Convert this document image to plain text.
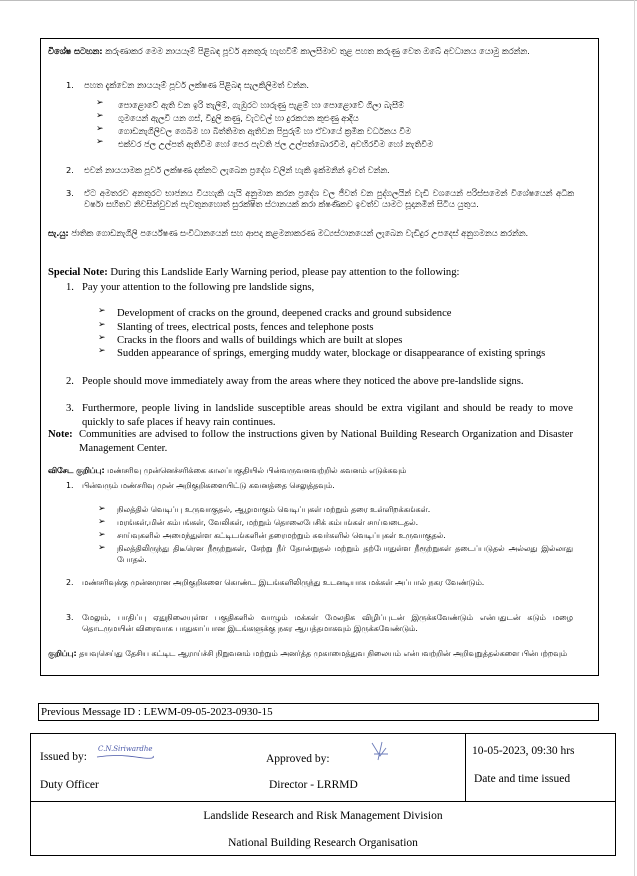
විශේෂ සටහන: කරුණාකර මෙම නායයෑම් පිළිබඳ පූර්ව අනතුරු හැඟවීම් කාලසීමාව තුළ පහත කරුණු වෙත ඔබේ අවධානය යොමු කරන්න.
1. පහත දැක්වෙන නායයෑම් පූර්ව ලක්ෂණ පිළිබඳ සැලකිලිමත් වන්න.
➢ පොළොවේ ඇති වන ඉරි තැලීම්, ගැඹුරට හාරුණු පැළම් හා පොළොවේ ගිලා බැසීම්
➢ ගුමයෙන් ඇලවී යන ගස්, විදුලි කණු, වැටවල් හා දුරකථන කුළුණු ආදිය
➢ ගොඩනැගිලිවල ගෙබිම හා බිත්තිමත ඇතිවන පිපුරුම් හා ඒවායේ ක්‍රමික වර්ධනය වීම
➢ එක්වර ජල උල්පත් ඇතිවීම හෝ පෙර පැවති ජල උල්පත්බොරවීම, අවහිරවීම හෝ නැතිවීම
2. එවන් නායයාමක පූර්ව ලක්ෂණ දක්නට ලැබෙන ප්‍රදේශ වලින් හැකි ඉක්මනින් ඉවත් වන්න.
3. ඒට අමතරව අනතුරට භාජනය වියහැකි යැයි අනුමාන කරන ප්‍රදේශ වල ජීවත් වන පුද්ගලයින් වැඩි වශයෙන් පරිස්සමෙන් විශේෂයෙන් අධික වර්ෂා සහිතව නිවසින්වුවන් පැවතුනහොත් සුරක්ෂිත ස්ථානයක් කරා ක්ෂණිකව ඉවත්ව යාමට සූදානමින් සිටිය යුතුය.
සැ.යු: ජාතික ගොඩනැගිලි පර්යේෂණ සංවිධානයෙන් සහ ආපදා කළමනාකරණ මධ්‍යස්ථානයෙන් ලැබෙන වැඩිදුර උපදෙස් අනුගමනය කරන්න.
Special Note: During this Landslide Early Warning period, please pay attention to the following:
1. Pay your attention to the following pre landslide signs,
➢ Development of cracks on the ground, deepened cracks and ground subsidence
➢ Slanting of trees, electrical posts, fences and telephone posts
➢ Cracks in the floors and walls of buildings which are built at slopes
➢ Sudden appearance of springs, emerging muddy water, blockage or disappearance of existing springs
2. People should move immediately away from the areas where they noticed the above pre-landslide signs.
3. Furthermore, people living in landslide susceptible areas should be extra vigilant and should be ready to move quickly to safe places if heavy rain continues.
Note: Communities are advised to follow the instructions given by National Building Research Organization and Disaster Management Center.
விசேட குறிப்பு: மண்சரிவு முன்னெச்சரிக்கை காலப்பகுதியில் பின்வருவனவற்றில் கவனம் எடுக்கவும்
1. பின்வரும் மண்சரிவு முன் அறிகுறிகளையிட்டு கவனத்தை செலுத்தவும்.
➢ நிலத்தில் வெடிப்பு உருவாகுதல், ஆழமாகும் வெடிப்புகள் மற்றும் தரை உள்ளிறக்கங்கள்.
➢ மரங்கள்,மின் கம்பங்கள், வேலிகள், மற்றும் தொலைபேசிக் கம்பங்கள் சாய்வடைதல்.
➢ சாய்வுகளில் அமைந்துள்ள கட்டிடங்களின் தரைமற்றும் சுவர்களில் வெடிப்புகள் உருவாகுதல்.
➢ நிலத்திலிருந்து திடீரென நீரூற்றுகள், சேற்று நீர் தோன்றுதல் மற்றும் தற்போதுள்ள நீரூற்றுகள் தடைப்படுதல் அல்லது இல்லாது போதல்.
2. மண்சரிவுக்கு முன்னரான அறிகுறிகளை கொண்ட இடங்களிலிருந்து உடனடியாக மக்கள் அப்பால் நகர வேண்டும்.
3. மேலும், பாதிப்பு ஏதுநிலையுள்ள பகுதிகளில் வாழும் மக்கள் மேலதிக விழிப்புடன் இருக்கவேண்டும் என்பதுடன் கடும் மழை தொடருமயின் விரைவாக பாதுகாப்பான இடங்களுக்கு நகர ஆயத்தமாகவும் இருக்கவேண்டும்.
குறிப்பு: தயவுசெய்து தேசிய கட்டிட ஆராய்ச்சி நிறுவனம் மற்றும் அனர்த்த முகாமைத்துவ நிலையம் என்பவற்றின் அறிவுறுத்தல்களை பின்பற்றவும்
Previous Message ID : LEWM-09-05-2023-0930-15
Issued by:
C.N.Siriwardhe
Duty Officer
Approved by:
Director - LRRMD
10-05-2023, 09:30 hrs
Date and time issued
Landslide Research and Risk Management Division
National Building Research Organisation
